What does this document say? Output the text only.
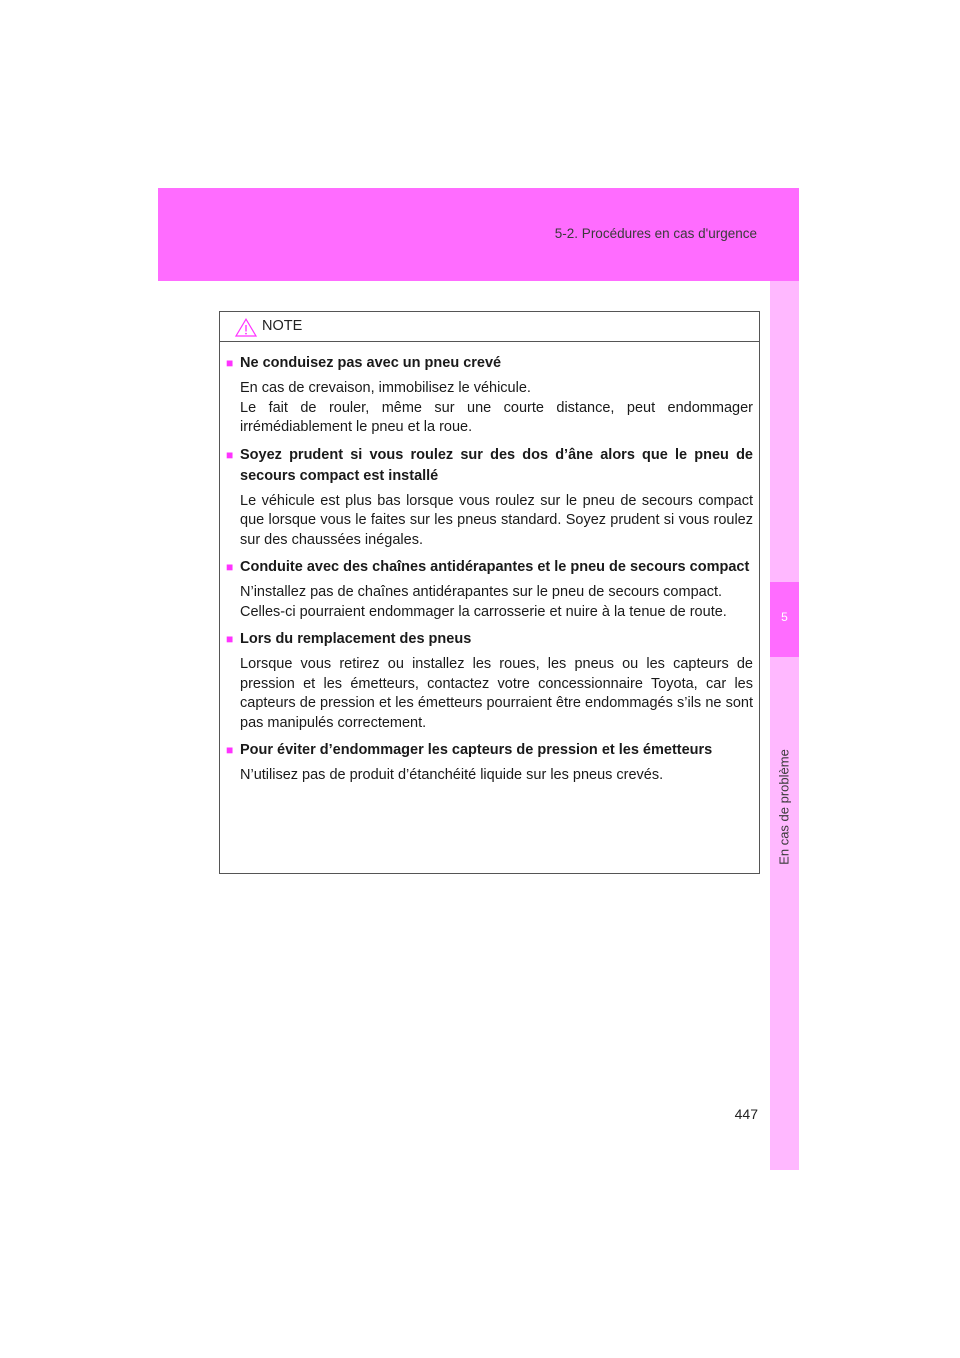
5-2. Procédures en cas d'urgence
5
En cas de problème
NOTE
■ Ne conduisez pas avec un pneu crevé

En cas de crevaison, immobilisez le véhicule.

Le fait de rouler, même sur une courte distance, peut endommager irrémédiablement le pneu et la roue.

■ Soyez prudent si vous roulez sur des dos d’âne alors que le pneu de secours compact est installé

Le véhicule est plus bas lorsque vous roulez sur le pneu de secours compact que lorsque vous le faites sur les pneus standard. Soyez prudent si vous roulez sur des chaussées inégales.

■ Conduite avec des chaînes antidérapantes et le pneu de secours compact

N’installez pas de chaînes antidérapantes sur le pneu de secours compact.

Celles-ci pourraient endommager la carrosserie et nuire à la tenue de route.

■ Lors du remplacement des pneus

Lorsque vous retirez ou installez les roues, les pneus ou les capteurs de pression et les émetteurs, contactez votre concessionnaire Toyota, car les capteurs de pression et les émetteurs pourraient être endommagés s’ils ne sont pas manipulés correctement.

■ Pour éviter d’endommager les capteurs de pression et les émetteurs

N’utilisez pas de produit d’étanchéité liquide sur les pneus crevés.

447
